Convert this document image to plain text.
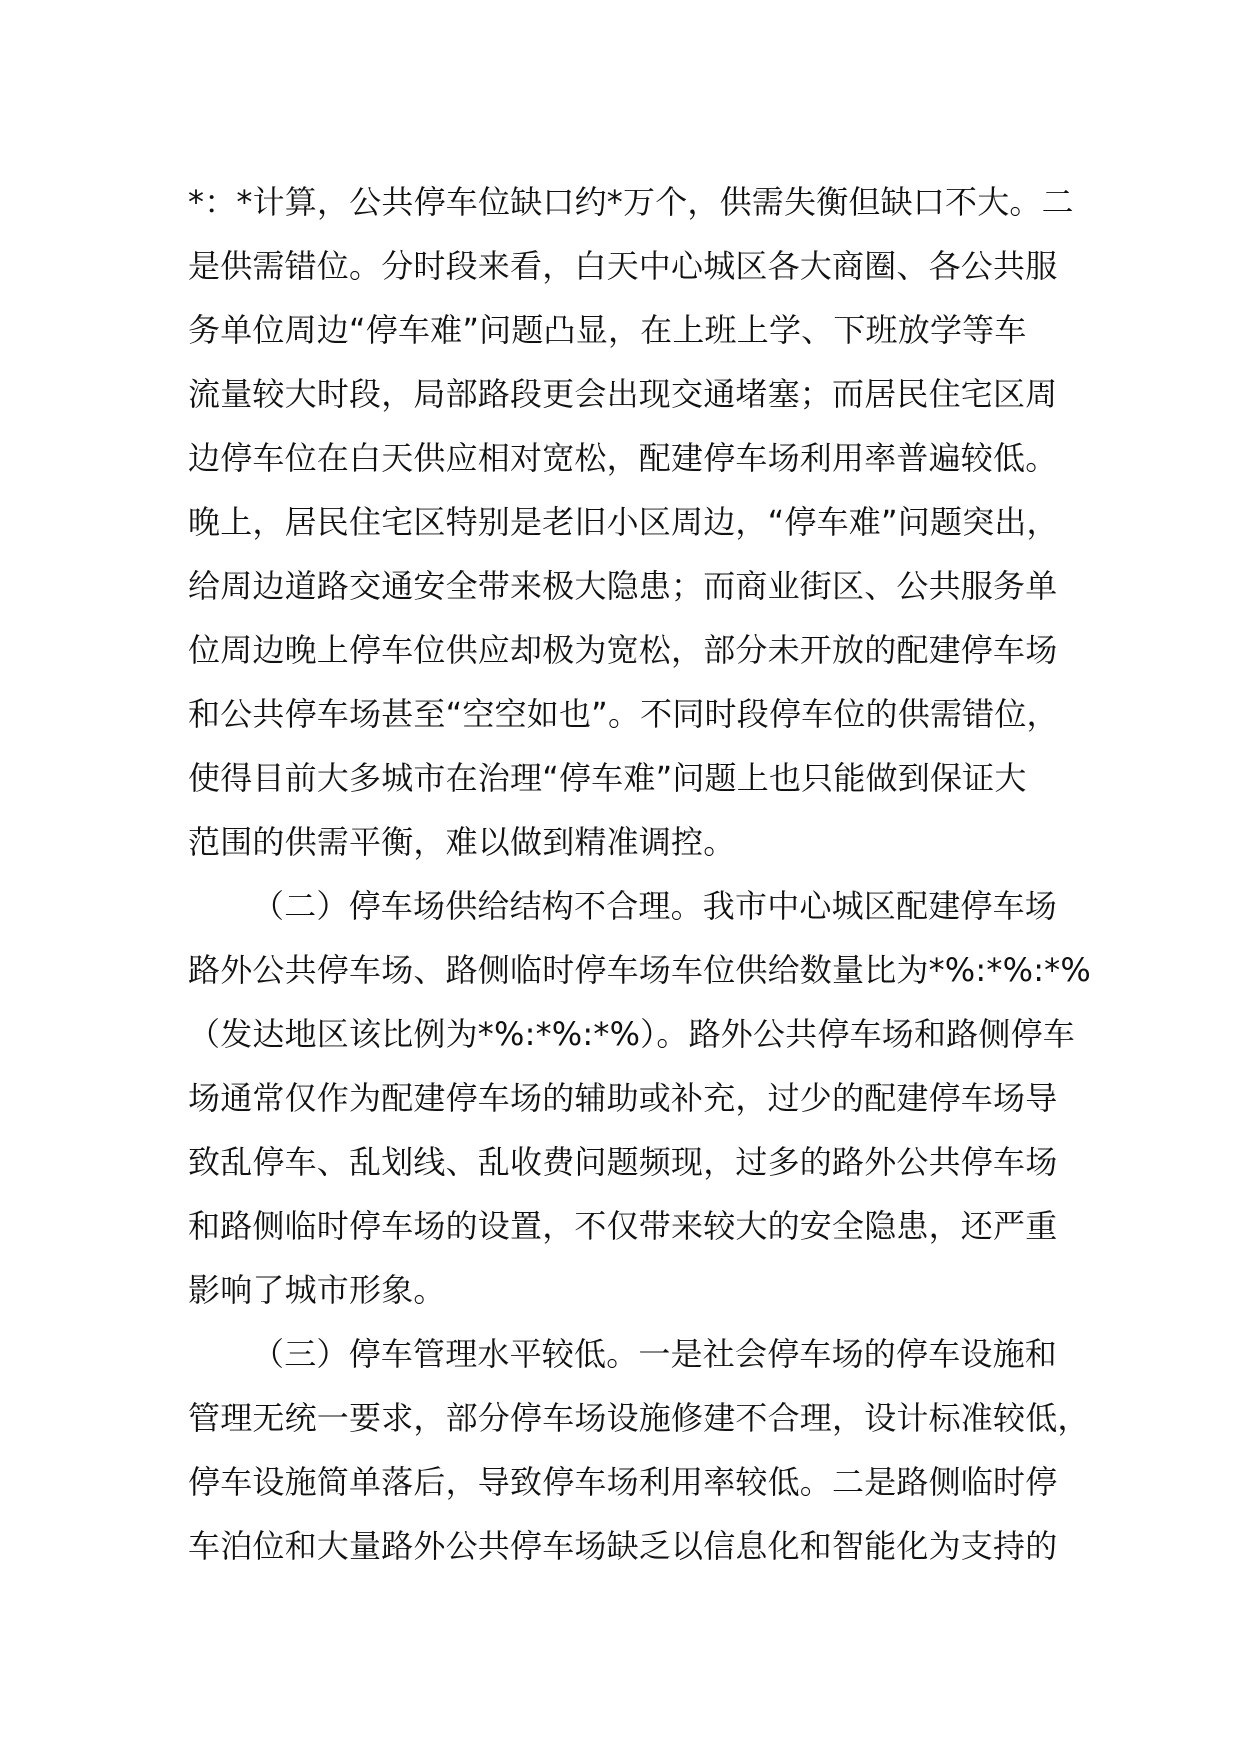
*：*计算，公共停车位缺口约*万个，供需失衡但缺口不大。二
是供需错位。分时段来看，白天中心城区各大商圈、各公共服
务单位周边“停车难”问题凸显，在上班上学、下班放学等车
流量较大时段，局部路段更会出现交通堵塞；而居民住宅区周
边停车位在白天供应相对宽松，配建停车场利用率普遍较低。
晚上，居民住宅区特别是老旧小区周边，“停车难”问题突出，
给周边道路交通安全带来极大隐患；而商业街区、公共服务单
位周边晚上停车位供应却极为宽松，部分未开放的配建停车场
和公共停车场甚至“空空如也”。不同时段停车位的供需错位，
使得目前大多城市在治理“停车难”问题上也只能做到保证大
范围的供需平衡，难以做到精准调控。
（二）停车场供给结构不合理。我市中心城区配建停车场
路外公共停车场、路侧临时停车场车位供给数量比为*%:*%:*%
（发达地区该比例为*%:*%:*%）。路外公共停车场和路侧停车
场通常仅作为配建停车场的辅助或补充，过少的配建停车场导
致乱停车、乱划线、乱收费问题频现，过多的路外公共停车场
和路侧临时停车场的设置，不仅带来较大的安全隐患，还严重
影响了城市形象。
（三）停车管理水平较低。一是社会停车场的停车设施和
管理无统一要求，部分停车场设施修建不合理，设计标准较低，
停车设施简单落后，导致停车场利用率较低。二是路侧临时停
车泊位和大量路外公共停车场缺乏以信息化和智能化为支持的
